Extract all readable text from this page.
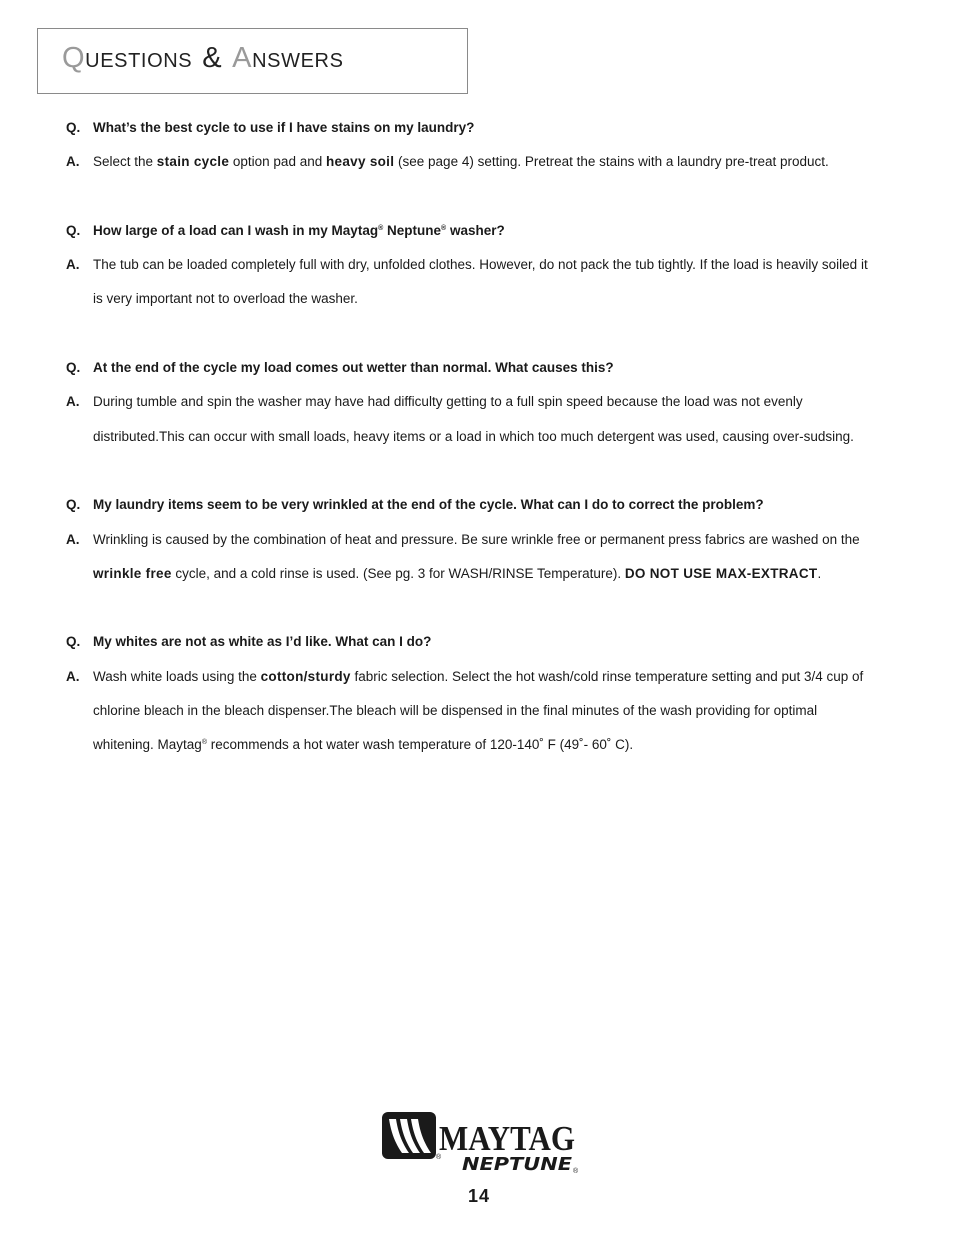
Questions & Answers
Q. What’s the best cycle to use if I have stains on my laundry?
A.	Select the stain cycle option pad and heavy soil (see page 4) setting. Pretreat the stains with a laundry pre-treat product.
Q. How large of a load can I wash in my Maytag® Neptune® washer?
A.	The tub can be loaded completely full with dry, unfolded clothes. However, do not pack the tub tightly. If the load is heavily soiled it is very important not to overload the washer.
Q. At the end of the cycle my load comes out wetter than normal. What causes this?
A.	During tumble and spin the washer may have had difficulty getting to a full spin speed because the load was not evenly distributed.This can occur with small loads, heavy items or a load in which too much detergent was used, causing over-sudsing.
Q. My laundry items seem to be very wrinkled at the end of the cycle. What can I do to correct the problem?
A.	Wrinkling is caused by the combination of heat and pressure. Be sure wrinkle free or permanent press fabrics are washed on the wrinkle free cycle, and a cold rinse is used. (See pg. 3 for WASH/RINSE Temperature). DO NOT USE MAX-EXTRACT.
Q. My whites are not as white as I’d like. What can I do?
A.	Wash white loads using the cotton/sturdy fabric selection. Select the hot wash/cold rinse temperature setting and put 3/4 cup of chlorine bleach in the bleach dispenser.The bleach will be dispensed in the final minutes of the wash providing for optimal whitening. Maytag® recommends a hot water wash temperature of 120-140˚ F (49˚- 60˚ C).
MAYTAG
® NEPTUNE ®
14
